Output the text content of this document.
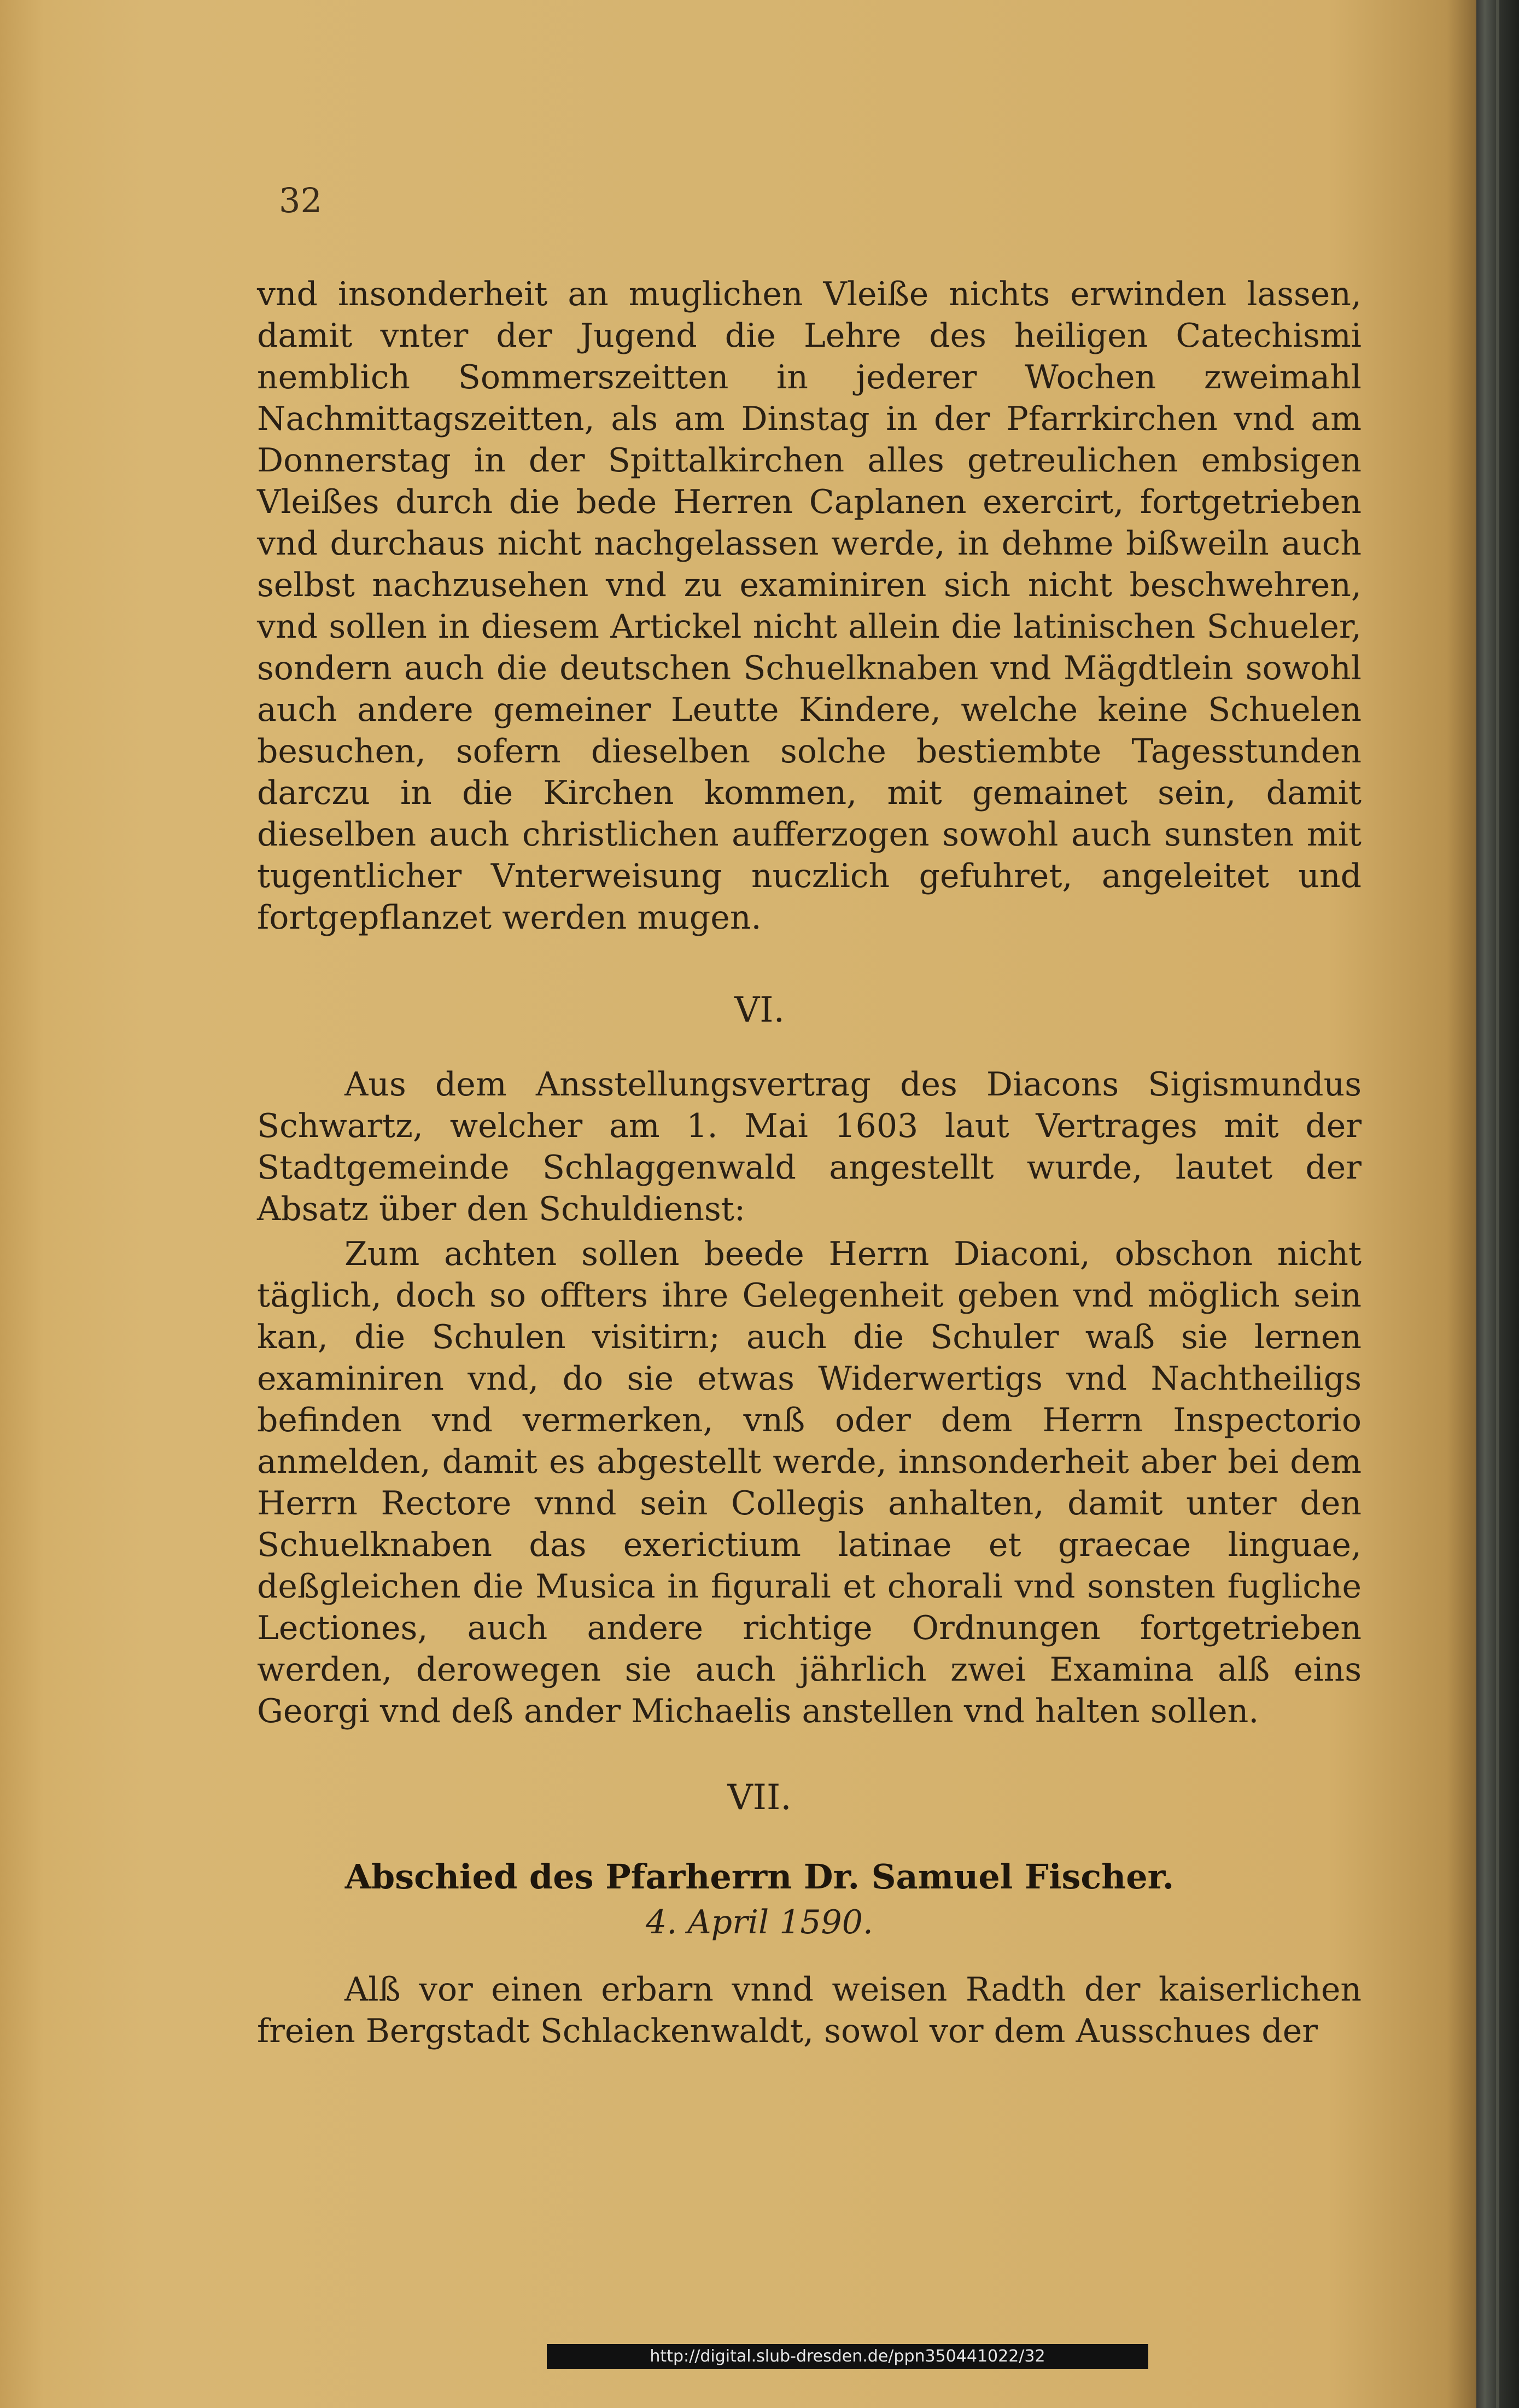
32

vnd insonderheit an muglichen Vleiße nichts erwinden lassen, damit vnter der Jugend die Lehre des heiligen Catechismi nemblich Sommerszeitten in jederer Wochen zweimahl Nachmittagszeitten, als am Dinstag in der Pfarrkirchen vnd am Donnerstag in der Spittalkirchen alles getreulichen embsigen Vleißes durch die bede Herren Caplanen exercirt, fortgetrieben vnd durchaus nicht nachgelassen werde, in dehme bißweiln auch selbst nachzusehen vnd zu examiniren sich nicht beschwehren, vnd sollen in diesem Artickel nicht allein die latinischen Schueler, sondern auch die deutschen Schuelknaben vnd Mägdtlein sowohl auch andere gemeiner Leutte Kindere, welche keine Schuelen besuchen, sofern dieselben solche bestiembte Tagesstunden darczu in die Kirchen kommen, mit gemainet sein, damit dieselben auch christlichen aufferzogen sowohl auch sunsten mit tugentlicher Vnterweisung nuczlich gefuhret, angeleitet und fortgepflanzet werden mugen.

VI.

Aus dem Ansstellungsvertrag des Diacons Sigismundus Schwartz, welcher am 1. Mai 1603 laut Vertrages mit der Stadtgemeinde Schlaggenwald angestellt wurde, lautet der Absatz über den Schuldienst:

Zum achten sollen beede Herrn Diaconi, obschon nicht täglich, doch so offters ihre Gelegenheit geben vnd möglich sein kan, die Schulen visitirn; auch die Schuler waß sie lernen examiniren vnd, do sie etwas Widerwertigs vnd Nachtheiligs befinden vnd vermerken, vnß oder dem Herrn Inspectorio anmelden, damit es abgestellt werde, innsonderheit aber bei dem Herrn Rectore vnnd sein Collegis anhalten, damit unter den Schuelknaben das exerictium latinae et graecae linguae, deßgleichen die Musica in figurali et chorali vnd sonsten fugliche Lectiones, auch andere richtige Ordnungen fortgetrieben werden, derowegen sie auch jährlich zwei Examina alß eins Georgi vnd deß ander Michaelis anstellen vnd halten sollen.

VII.
Abschied des Pfarherrn Dr. Samuel Fischer.
4. April 1590.

Alß vor einen erbarn vnnd weisen Radth der kaiserlichen freien Bergstadt Schlackenwaldt, sowol vor dem Ausschues der

http://digital.slub-dresden.de/ppn350441022/32
